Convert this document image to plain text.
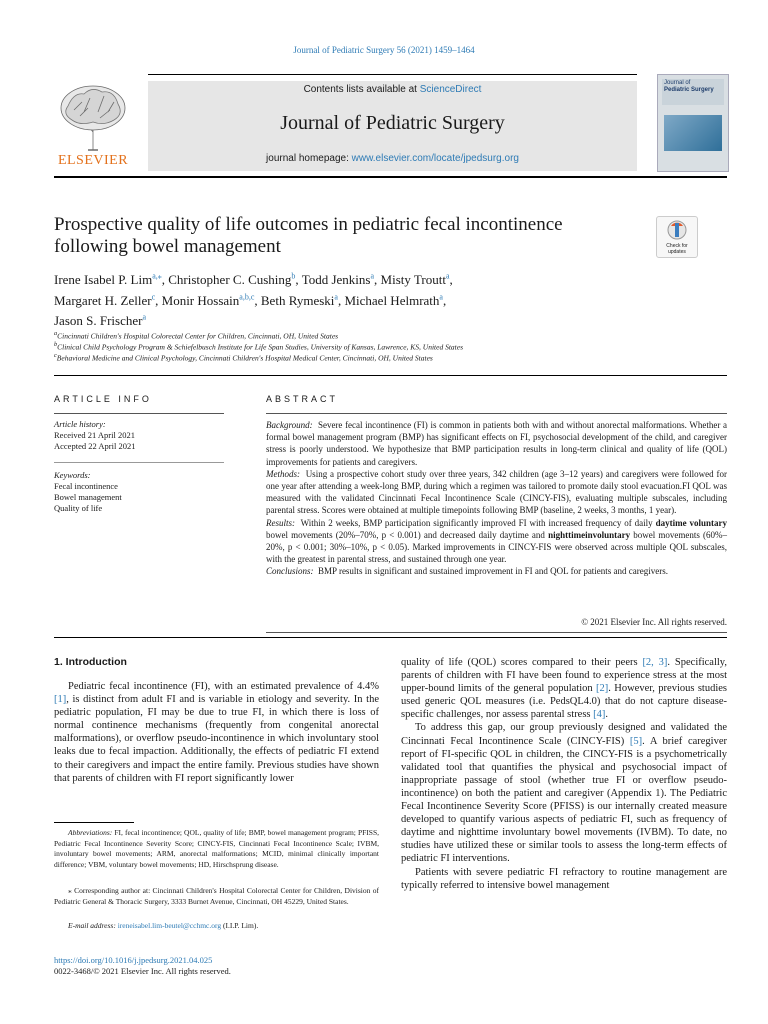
Journal of Pediatric Surgery 56 (2021) 1459–1464
ELSEVIER
Contents lists available at ScienceDirect
Journal of Pediatric Surgery
journal homepage: www.elsevier.com/locate/jpedsurg.org
Journal of
Pediatric Surgery
Prospective quality of life outcomes in pediatric fecal incontinence following bowel management	Check for updates
Irene Isabel P. Lim$^{a,⁎}$, Christopher C. Cushing$^b$, Todd Jenkins$^a$, Misty Troutt$^a$,
Margaret H. Zeller$^c$, Monir Hossain$^{a,b,c}$, Beth Rymeski$^a$, Michael Helmrath$^a$,
Jason S. Frischer$^a$
$^a$Cincinnati Children's Hospital Colorectal Center for Children, Cincinnati, OH, United States
$^b$Clinical Child Psychology Program & Schiefelbusch Institute for Life Span Studies, University of Kansas, Lawrence, KS, United States
$^c$Behavioral Medicine and Clinical Psychology, Cincinnati Children's Hospital Medical Center, Cincinnati, OH, United States
ARTICLE INFO
Article history:
Received 21 April 2021
Accepted 22 April 2021
Keywords:
Fecal incontinence
Bowel management
Quality of life
ABSTRACT

Background: Severe fecal incontinence (FI) is common in patients both with and without anorectal malformations. Whether a formal bowel management program (BMP) has significant effects on FI, psychosocial development of the child, and caregiver stress is poorly understood. We hypothesize that BMP participation results in long-term clinical and quality of life (QOL) improvements for patients and caregivers.

Methods: Using a prospective cohort study over three years, 342 children (age 3–12 years) and caregivers were followed for one year after attending a week-long BMP, during which a regimen was tailored to promote daily stool evacuation.FI QOL was measured with the validated Cincinnati Fecal Incontinence Scale (CINCY-FIS), evaluating multiple subscales, including parental stress. Scores were obtained at multiple timepoints following BMP (baseline, 2 weeks, 3 months, 1 year).

Results: Within 2 weeks, BMP participation significantly improved FI with increased frequency of daily daytime voluntary bowel movements (20%–70%, p < 0.001) and decreased daily daytime and nighttimeinvoluntary bowel movements (60%–20%, p < 0.001; 30%–10%, p < 0.05). Marked improvements in CINCY-FIS were observed across multiple QOL subscales, with the greatest in parental stress, and sustained through one year.

Conclusions: BMP results in significant and sustained improvement in FI and QOL for patients and caregivers.

© 2021 Elsevier Inc. All rights reserved.
1. Introduction

Pediatric fecal incontinence (FI), with an estimated prevalence of 4.4% [1], is distinct from adult FI and is variable in etiology and severity. In the pediatric population, FI may be due to true FI, in which there is loss of normal continence mechanisms (frequently from congenital anorectal malformations), or overflow pseudo-incontinence in which involuntary stool leaks due to fecal impaction. Additionally, the effects of pediatric FI extend to their caregivers and impact the entire family. Previous studies have shown that parents of children with FI report significantly lower

quality of life (QOL) scores compared to their peers [2, 3]. Specifically, parents of children with FI have been found to experience stress at the most upper-bound limits of the general population [2]. However, previous studies used generic QOL measures (i.e. PedsQL4.0) that do not capture disease-specific challenges, nor assess parental stress [4].

To address this gap, our group previously designed and validated the Cincinnati Fecal Incontinence Scale (CINCY-FIS) [5]. A brief caregiver report of FI-specific QOL in children, the CINCY-FIS is a psychometrically validated tool that quantifies the physical and psychosocial impact of inappropriate passage of stool (whether true FI or overflow pseudo-incontinence) on both the patient and caregiver (Appendix 1). The Pediatric Fecal Incontinence Severity Score (PFISS) is our internally created measure developed to quantify various aspects of pediatric FI, such as frequency of daytime and nighttime involuntary bowel movements (IVBM). To date, no studies have utilized these or similar tools to assess the long-term effects of pediatric FI interventions.

Patients with severe pediatric FI refractory to routine management are typically referred to intensive bowel management

Abbreviations: FI, fecal incontinence; QOL, quality of life; BMP, bowel management program; PFISS, Pediatric Fecal Incontinence Severity Score; CINCY-FIS, Cincinnati Fecal Incontinence Scale; IVBM, involuntary bowel movements; ARM, anorectal malformations; MCID, minimal clinically important difference; VBM, voluntary bowel movements; HD, Hirschsprung disease.
⁎ Corresponding author at: Cincinnati Children's Hospital Colorectal Center for Children, Division of Pediatric General & Thoracic Surgery, 3333 Burnet Avenue, Cincinnati, OH 45229, United States.
E-mail address: ireneisabel.lim-beutel@cchmc.org (I.I.P. Lim).
https://doi.org/10.1016/j.jpedsurg.2021.04.025
0022-3468/© 2021 Elsevier Inc. All rights reserved.
